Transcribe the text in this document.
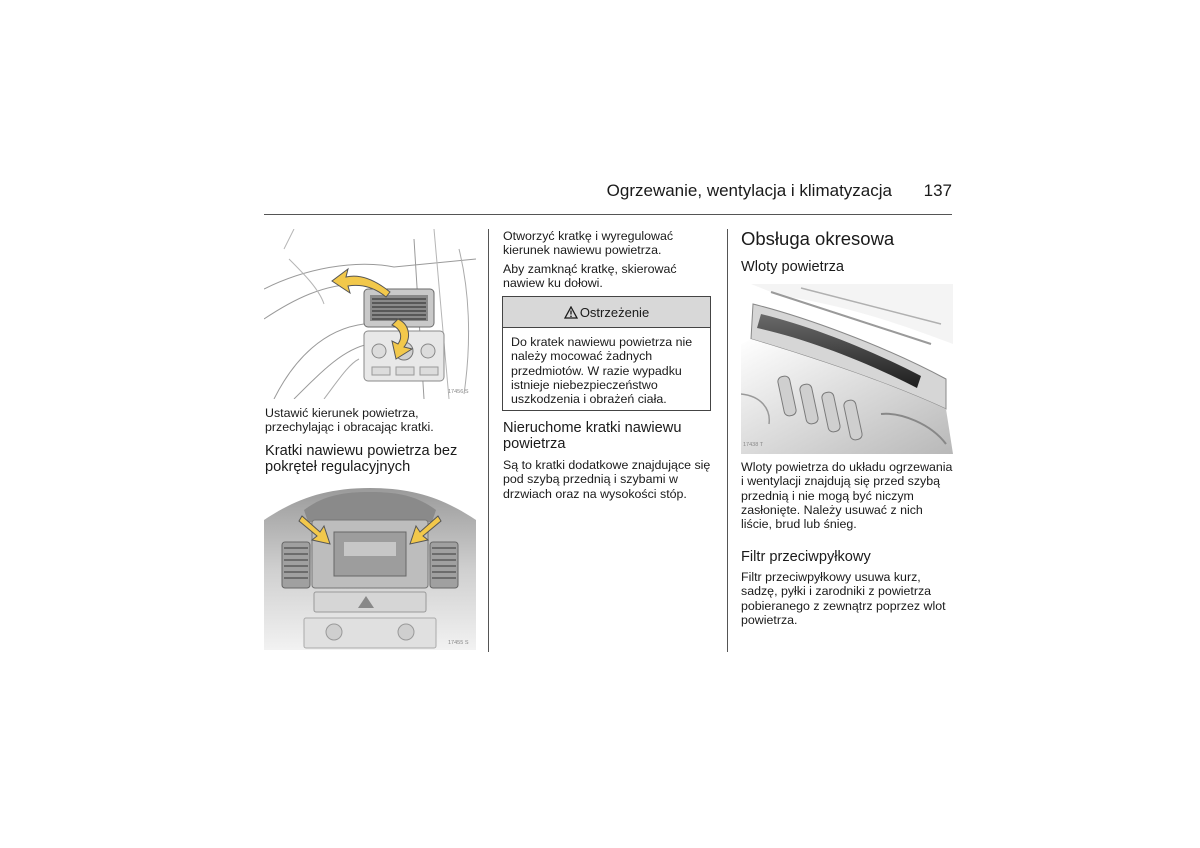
Ogrzewanie, wentylacja i klimatyzacja 137
17456 S

Ustawić kierunek powietrza, przechylając i obracając kratki.

Kratki nawiewu powietrza bez pokręteł regulacyjnych
17455 S

Otworzyć kratkę i wyregulować kierunek nawiewu powietrza.

Aby zamknąć kratkę, skierować nawiew ku dołowi.

Ostrzeżenie
Do kratek nawiewu powietrza nie należy mocować żadnych przedmiotów. W razie wypadku istnieje niebezpieczeństwo uszkodzenia i obrażeń ciała.
Nieruchome kratki nawiewu powietrza

Są to kratki dodatkowe znajdujące się pod szybą przednią i szybami w drzwiach oraz na wysokości stóp.

Obsługa okresowa
Wloty powietrza
17438 T

Wloty powietrza do układu ogrzewania i wentylacji znajdują się przed szybą przednią i nie mogą być niczym zasłonięte. Należy usuwać z nich liście, brud lub śnieg.

Filtr przeciwpyłkowy

Filtr przeciwpyłkowy usuwa kurz, sadzę, pyłki i zarodniki z powietrza pobieranego z zewnątrz poprzez wlot powietrza.
